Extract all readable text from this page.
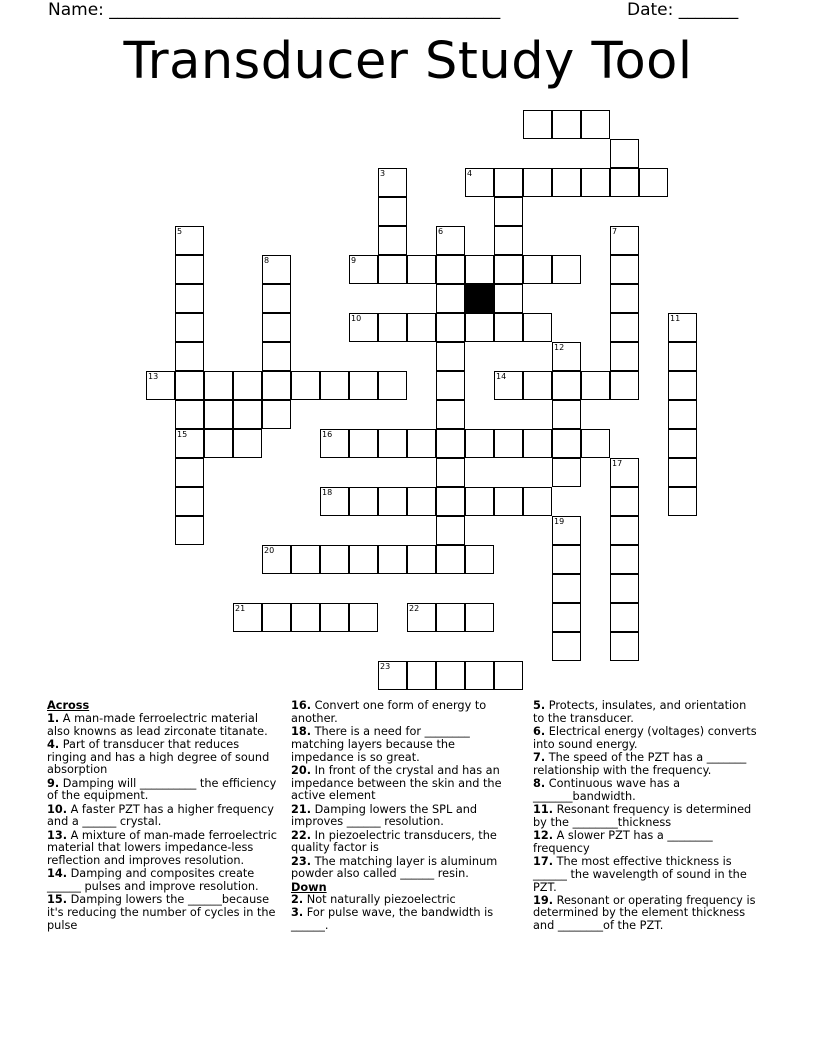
Name: ______________________________________________	Date: _______
Transducer Study Tool
3	4
5	6	7
8	9
10	11
12
13	14
15	16
17
18
19
20
21	22
23
Across
1. A man-made ferroelectric material also knowns as lead zirconate titanate.
4. Part of transducer that reduces ringing and has a high degree of sound absorption
9. Damping will __________ the efficiency of the equipment.
10. A faster PZT has a higher frequency and a ______ crystal.
13. A mixture of man-made ferroelectric material that lowers impedance-less reflection and improves resolution.
14. Damping and composites create ______ pulses and improve resolution.
15. Damping lowers the ______because it's reducing the number of cycles in the pulse
16. Convert one form of energy to another.
18. There is a need for ________ matching layers because the impedance is so great.
20. In front of the crystal and has an impedance between the skin and the active element
21. Damping lowers the SPL and improves ______ resolution.
22. In piezoelectric transducers, the quality factor is
23. The matching layer is aluminum powder also called ______ resin.
Down
2. Not naturally piezoelectric
3. For pulse wave, the bandwidth is ______.
5. Protects, insulates, and orientation to the transducer.
6. Electrical energy (voltages) converts into sound energy.
7. The speed of the PZT has a _______ relationship with the frequency.
8. Continuous wave has a _______bandwidth.
11. Resonant frequency is determined by the ________thickness
12. A slower PZT has a ________ frequency
17. The most effective thickness is ______ the wavelength of sound in the PZT.
19. Resonant or operating frequency is determined by the element thickness and ________of the PZT.
